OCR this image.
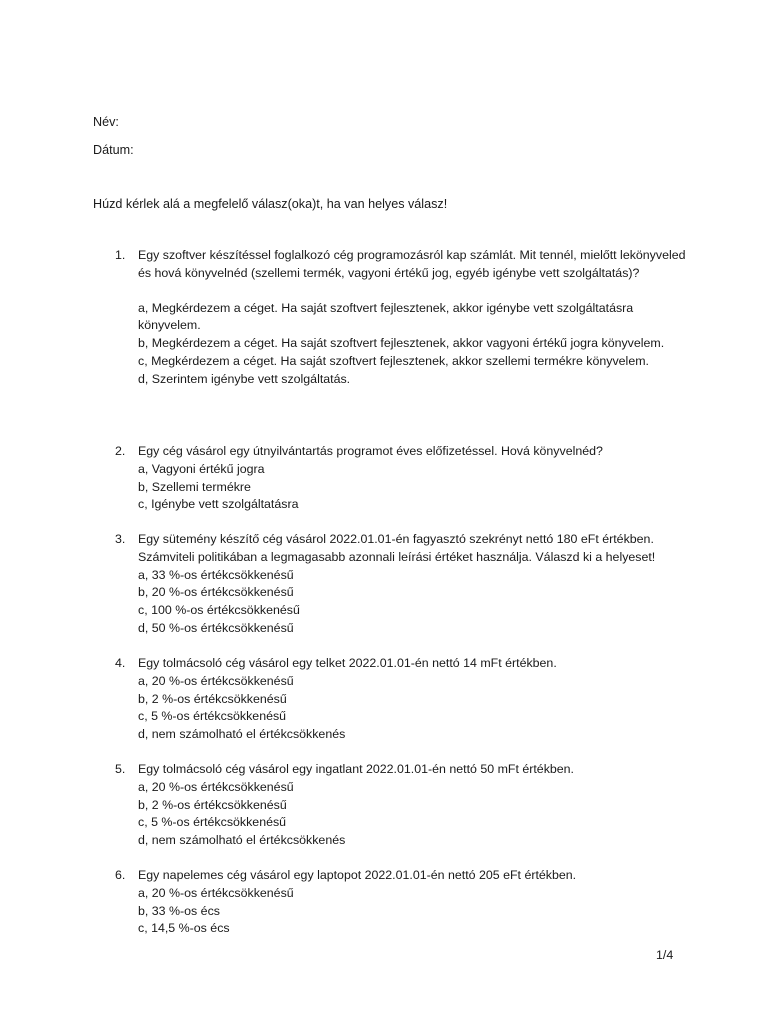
Név:
Dátum:
Húzd kérlek alá a megfelelő válasz(oka)t, ha van helyes válasz!
1.	Egy szoftver készítéssel foglalkozó cég programozásról kap számlát. Mit tennél, mielőtt lekönyveled és hová könyvelnéd (szellemi termék, vagyoni értékű jog, egyéb igénybe vett szolgáltatás)?
a, Megkérdezem a céget. Ha saját szoftvert fejlesztenek, akkor igénybe vett szolgáltatásra könyvelem.
b, Megkérdezem a céget. Ha saját szoftvert fejlesztenek, akkor vagyoni értékű jogra könyvelem.
c, Megkérdezem a céget. Ha saját szoftvert fejlesztenek, akkor szellemi termékre könyvelem.
d, Szerintem igénybe vett szolgáltatás.
2.	Egy cég vásárol egy útnyilvántartás programot éves előfizetéssel. Hová könyvelnéd?
a, Vagyoni értékű jogra
b, Szellemi termékre
c, Igénybe vett szolgáltatásra
3.	Egy sütemény készítő cég vásárol 2022.01.01-én fagyasztó szekrényt nettó 180 eFt értékben. Számviteli politikában a legmagasabb azonnali leírási értéket használja. Válaszd ki a helyeset!
a, 33 %-os értékcsökkenésű
b, 20 %-os értékcsökkenésű
c, 100 %-os értékcsökkenésű
d, 50 %-os értékcsökkenésű
4.	Egy tolmácsoló cég vásárol egy telket 2022.01.01-én nettó 14 mFt értékben.
a, 20 %-os értékcsökkenésű
b, 2 %-os értékcsökkenésű
c, 5 %-os értékcsökkenésű
d, nem számolható el értékcsökkenés
5.	Egy tolmácsoló cég vásárol egy ingatlant 2022.01.01-én nettó 50 mFt értékben.
a, 20 %-os értékcsökkenésű
b, 2 %-os értékcsökkenésű
c, 5 %-os értékcsökkenésű
d, nem számolható el értékcsökkenés
6.	Egy napelemes cég vásárol egy laptopot 2022.01.01-én nettó 205 eFt értékben.
a, 20 %-os értékcsökkenésű
b, 33 %-os écs
c, 14,5 %-os écs
1/4
